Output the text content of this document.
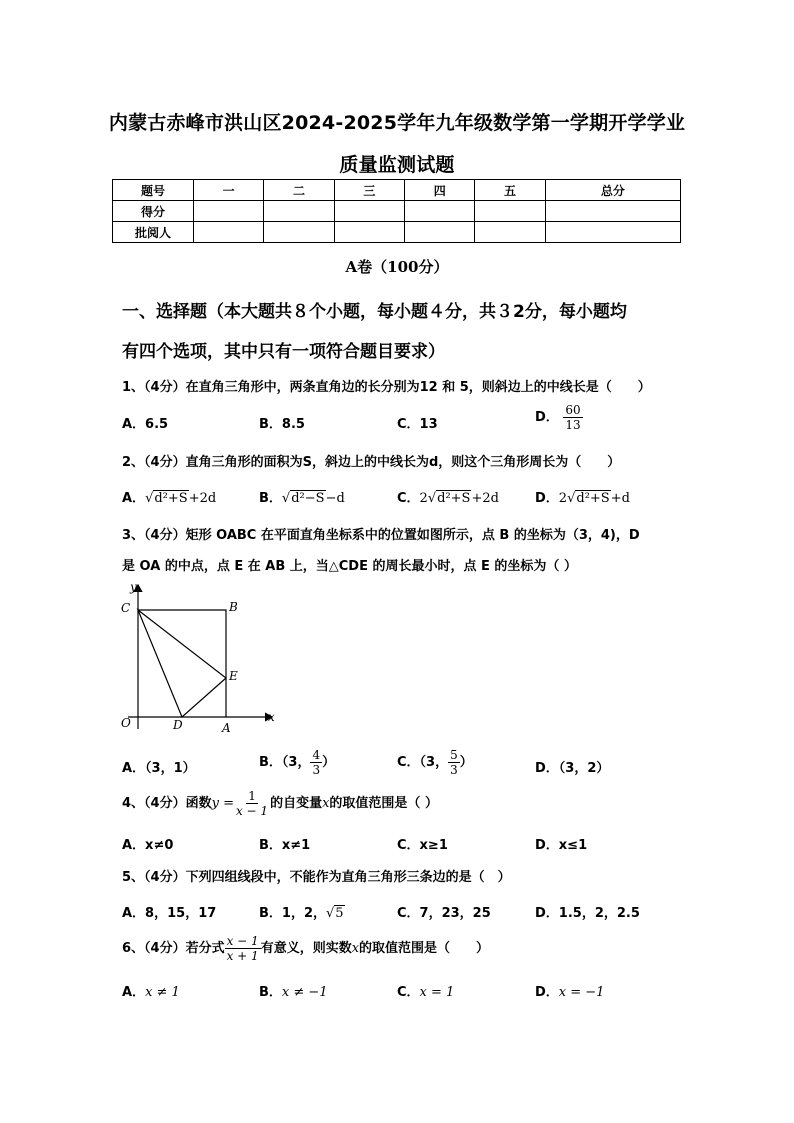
内蒙古赤峰市洪山区2024-2025学年九年级数学第一学期开学学业
质量监测试题
题号	一	二	三	四	五	总分
得分						
批阅人						
A卷（100分）
一、选择题（本大题共８个小题，每小题４分，共３2分，每小题均
有四个选项，其中只有一项符合题目要求）
1、（4分）在直角三角形中，两条直角边的长分别为12 和 5，则斜边上的中线长是（　　）
A．6.5	B．8.5	C．13	D． $\frac{60}{13}$
2、（4分）直角三角形的面积为S，斜边上的中线长为d，则这个三角形周长为（　　）
A．√d²+S+2d	B．√d²−S−d	C．2√d²+S+2d	D．2√d²+S+d
3、（4分）矩形 OABC 在平面直角坐标系中的位置如图所示，点 B 的坐标为（3，4)，D
是 OA 的中点，点 E 在 AB 上，当△CDE 的周长最小时，点 E 的坐标为（ ）
y
x
O	A
B
C
D
E
A．（3，1）	B．（3， $\frac{4}{3}$ ）	C．（3， $\frac{5}{3}$ ）	D．（3，2）
4、（4分）函数$y = \frac{1}{x - 1}$ 的自变量x的取值范围是（ ）
A．x≠0	B．x≠1	C．x≥1	D．x≤1
5、（4分）下列四组线段中，不能作为直角三角形三条边的是（　）
A．8，15，17	B．1，2，√5	C．7，23，25	D．1.5，2，2.5
6、（4分）若分式 $\frac{x - 1}{x + 1}$ 有意义，则实数x的取值范围是（　　）
A．x ≠ 1	B．x ≠ −1	C．x = 1	D．x = −1
